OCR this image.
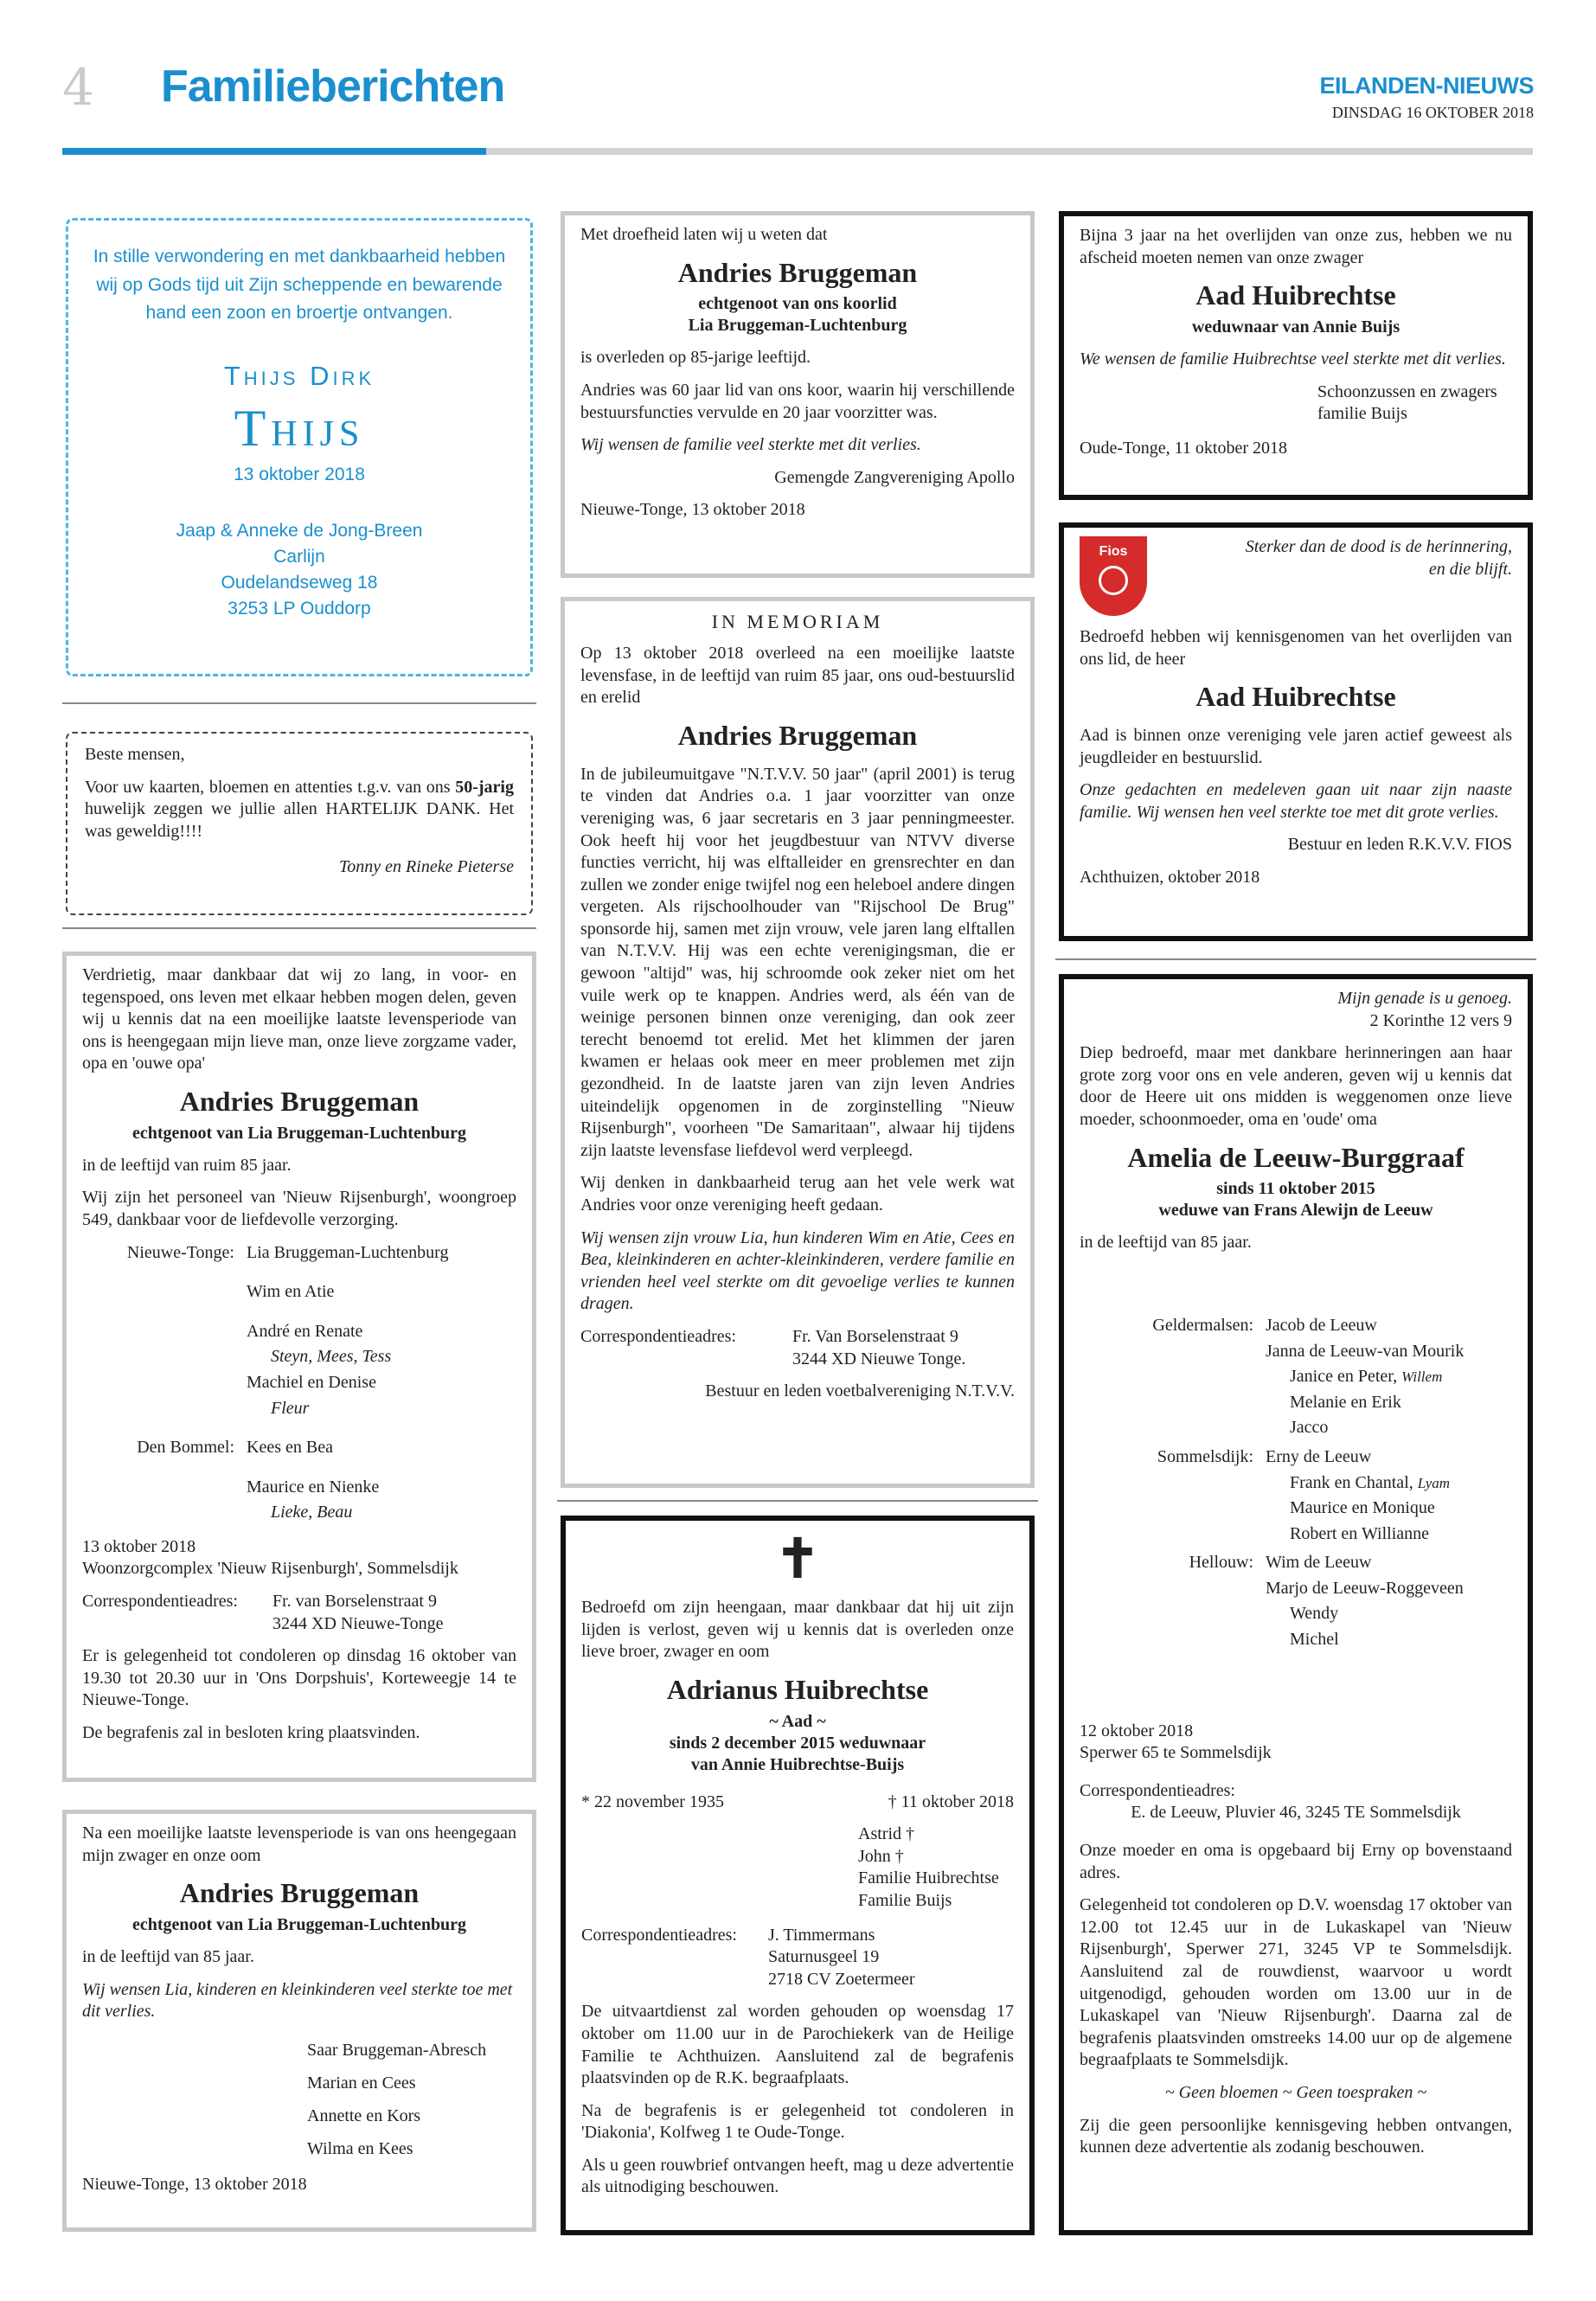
4 Familieberichten	EILANDEN-NIEUWS
DINSDAG 16 OKTOBER 2018
In stille verwondering en met dankbaarheid hebben wij op Gods tijd uit Zijn scheppende en bewarende hand een zoon en broertje ontvangen.
Thijs Dirk
Thijs
13 oktober 2018
Jaap & Anneke de Jong-Breen
Carlijn
Oudelandseweg 18
3253 LP Ouddorp

Beste mensen,

Voor uw kaarten, bloemen en attenties t.g.v. van ons 50-jarig huwelijk zeggen we jullie allen HARTELIJK DANK. Het was geweldig!!!!

Tonny en Rineke Pieterse

Verdrietig, maar dankbaar dat wij zo lang, in voor- en tegenspoed, ons leven met elkaar hebben mogen delen, geven wij u kennis dat na een moeilijke laatste levensperiode van ons is heengegaan mijn lieve man, onze lieve zorgzame vader, opa en 'ouwe opa'

Andries Bruggeman
echtgenoot van Lia Bruggeman-Luchtenburg

in de leeftijd van ruim 85 jaar.

Wij zijn het personeel van 'Nieuw Rijsenburgh', woongroep 549, dankbaar voor de liefdevolle verzorging.

Nieuwe-Tonge: Lia Bruggeman-Luchtenburg
Wim en Atie
André en Renate
Steyn, Mees, Tess
Machiel en Denise
Fleur
Den Bommel: Kees en Bea
Maurice en Nienke
Lieke, Beau
13 oktober 2018

Woonzorgcomplex 'Nieuw Rijsenburgh', Sommelsdijk

Correspondentieadres:	Fr. van Borselenstraat 9
3244 XD Nieuwe-Tonge

Er is gelegenheid tot condoleren op dinsdag 16 oktober van 19.30 tot 20.30 uur in 'Ons Dorpshuis', Korteweegje 14 te Nieuwe-Tonge.

De begrafenis zal in besloten kring plaatsvinden.

Na een moeilijke laatste levensperiode is van ons heengegaan mijn zwager en onze oom

Andries Bruggeman
echtgenoot van Lia Bruggeman-Luchtenburg

in de leeftijd van 85 jaar.

Wij wensen Lia, kinderen en kleinkinderen veel sterkte toe met dit verlies.

Saar Bruggeman-Abresch
Marian en Cees
Annette en Kors
Wilma en Kees
Nieuwe-Tonge, 13 oktober 2018

Met droefheid laten wij u weten dat

Andries Bruggeman
echtgenoot van ons koorlid
Lia Bruggeman-Luchtenburg

is overleden op 85-jarige leeftijd.

Andries was 60 jaar lid van ons koor, waarin hij verschillende bestuursfuncties vervulde en 20 jaar voorzitter was.

Wij wensen de familie veel sterkte met dit verlies.

Gemengde Zangvereniging Apollo

Nieuwe-Tonge, 13 oktober 2018
IN MEMORIAM

Op 13 oktober 2018 overleed na een moeilijke laatste levensfase, in de leeftijd van ruim 85 jaar, ons oud-bestuurslid en erelid

Andries Bruggeman

In de jubileumuitgave "N.T.V.V. 50 jaar" (april 2001) is terug te vinden dat Andries o.a. 1 jaar voorzitter van onze vereniging was, 6 jaar secretaris en 3 jaar penningmeester. Ook heeft hij voor het jeugdbestuur van NTVV diverse functies verricht, hij was elftalleider en grensrechter en dan zullen we zonder enige twijfel nog een heleboel andere dingen vergeten. Als rijschoolhouder van "Rijschool De Brug" sponsorde hij, samen met zijn vrouw, vele jaren lang elftallen van N.T.V.V. Hij was een echte verenigingsman, die er gewoon "altijd" was, hij schroomde ook zeker niet om het vuile werk op te knappen. Andries werd, als één van de weinige personen binnen onze vereniging, dan ook zeer terecht benoemd tot erelid. Met het klimmen der jaren kwamen er helaas ook meer en meer problemen met zijn gezondheid. In de laatste jaren van zijn leven Andries uiteindelijk opgenomen in de zorginstelling "Nieuw Rijsenburgh", voorheen "De Samaritaan", alwaar hij tijdens zijn laatste levensfase liefdevol werd verpleegd.

Wij denken in dankbaarheid terug aan het vele werk wat Andries voor onze vereniging heeft gedaan.

Wij wensen zijn vrouw Lia, hun kinderen Wim en Atie, Cees en Bea, kleinkinderen en achter-kleinkinderen, verdere familie en vrienden heel veel sterkte om dit gevoelige verlies te kunnen dragen.

Correspondentieadres:	Fr. Van Borselenstraat 9
3244 XD Nieuwe Tonge.

Bestuur en leden voetbalvereniging N.T.V.V.

✝

Bedroefd om zijn heengaan, maar dankbaar dat hij uit zijn lijden is verlost, geven wij u kennis dat is overleden onze lieve broer, zwager en oom

Adrianus Huibrechtse
~ Aad ~
sinds 2 december 2015 weduwnaar
van Annie Huibrechtse-Buijs
* 22 november 1935	† 11 oktober 2018
Astrid †
John †
Familie Huibrechtse
Familie Buijs
Correspondentieadres:	J. Timmermans
Saturnusgeel 19
2718 CV Zoetermeer

De uitvaartdienst zal worden gehouden op woensdag 17 oktober om 11.00 uur in de Parochiekerk van de Heilige Familie te Achthuizen. Aansluitend zal de begrafenis plaatsvinden op de R.K. begraafplaats.

Na de begrafenis is er gelegenheid tot condoleren in 'Diakonia', Kolfweg 1 te Oude-Tonge.

Als u geen rouwbrief ontvangen heeft, mag u deze advertentie als uitnodiging beschouwen.

Bijna 3 jaar na het overlijden van onze zus, hebben we nu afscheid moeten nemen van onze zwager

Aad Huibrechtse
weduwnaar van Annie Buijs

We wensen de familie Huibrechtse veel sterkte met dit verlies.

Schoonzussen en zwagers
familie Buijs
Oude-Tonge, 11 oktober 2018
Fios	Sterker dan de dood is de herinnering,
en die blijft.

Bedroefd hebben wij kennisgenomen van het overlijden van ons lid, de heer

Aad Huibrechtse

Aad is binnen onze vereniging vele jaren actief geweest als jeugdleider en bestuurslid.

Onze gedachten en medeleven gaan uit naar zijn naaste familie. Wij wensen hen veel sterkte toe met dit grote verlies.

Bestuur en leden R.K.V.V. FIOS

Achthuizen, oktober 2018
Mijn genade is u genoeg.

2 Korinthe 12 vers 9

Diep bedroefd, maar met dankbare herinneringen aan haar grote zorg voor ons en vele anderen, geven wij u kennis dat door de Heere uit ons midden is weggenomen onze lieve moeder, schoonmoeder, oma en 'oude' oma

Amelia de Leeuw-Burggraaf
sinds 11 oktober 2015
weduwe van Frans Alewijn de Leeuw

in de leeftijd van 85 jaar.

Geldermalsen: Jacob de Leeuw
Janna de Leeuw-van Mourik
Janice en Peter, Willem
Melanie en Erik
Jacco
Sommelsdijk: Erny de Leeuw
Frank en Chantal, Lyam
Maurice en Monique
Robert en Willianne
Hellouw: Wim de Leeuw
Marjo de Leeuw-Roggeveen
Wendy
Michel
12 oktober 2018

Sperwer 65 te Sommelsdijk

Correspondentieadres:

E. de Leeuw, Pluvier 46, 3245 TE Sommelsdijk

Onze moeder en oma is opgebaard bij Erny op bovenstaand adres.

Gelegenheid tot condoleren op D.V. woensdag 17 oktober van 12.00 tot 12.45 uur in de Lukaskapel van 'Nieuw Rijsenburgh', Sperwer 271, 3245 VP te Sommelsdijk. Aansluitend zal de rouwdienst, waarvoor u wordt uitgenodigd, gehouden worden om 13.00 uur in de Lukaskapel van 'Nieuw Rijsenburgh'. Daarna zal de begrafenis plaatsvinden omstreeks 14.00 uur op de algemene begraafplaats te Sommelsdijk.

~ Geen bloemen ~ Geen toespraken ~

Zij die geen persoonlijke kennisgeving hebben ontvangen, kunnen deze advertentie als zodanig beschouwen.
